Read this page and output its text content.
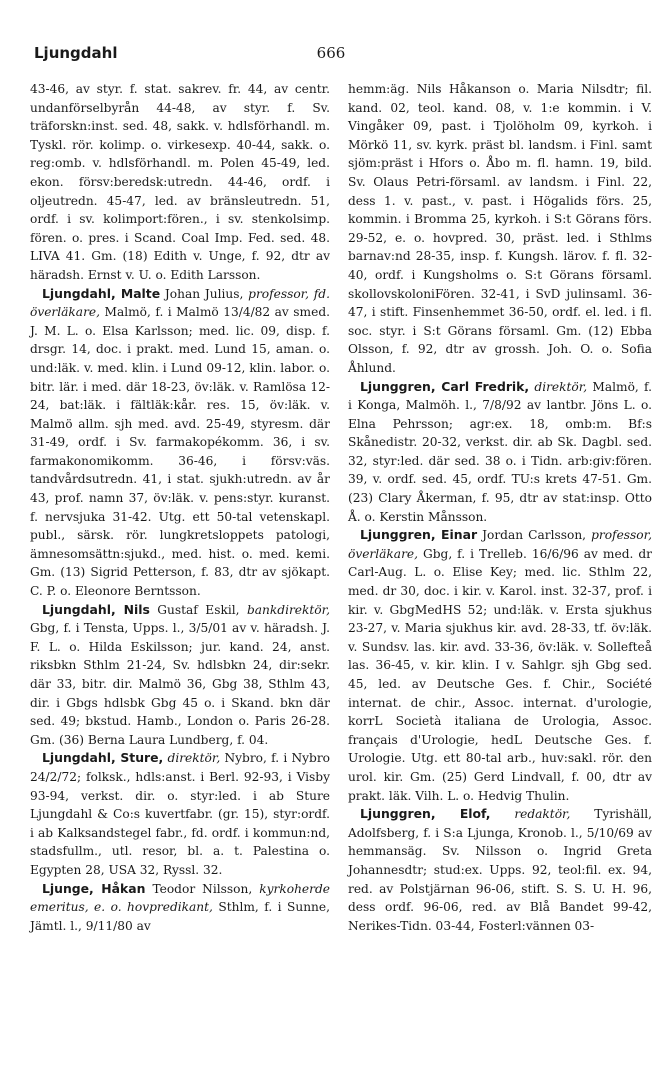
Ljungdahl	666

43-46, av styr. f. stat. sakrev. fr. 44, av centr. undanförselbyrån 44-48, av styr. f. Sv. träforskn:inst. sed. 48, sakk. v. hdlsförhandl. m. Tyskl. rör. kolimp. o. virkesexp. 40-44, sakk. o. reg:omb. v. hdlsförhandl. m. Polen 45-49, led. ekon. försv:beredsk:utredn. 44-46, ordf. i oljeutredn. 45-47, led. av bränsleutredn. 51, ordf. i sv. kolimport:fören., i sv. stenkolsimp. fören. o. pres. i Scand. Coal Imp. Fed. sed. 48. LIVA 41. Gm. (18) Edith v. Unge, f. 92, dtr av häradsh. Ernst v. U. o. Edith Larsson.

Ljungdahl, Malte Johan Julius, professor, fd. överläkare, Malmö, f. i Malmö 13/4/82 av smed. J. M. L. o. Elsa Karlsson; med. lic. 09, disp. f. drsgr. 14, doc. i prakt. med. Lund 15, aman. o. und:läk. v. med. klin. i Lund 09-12, klin. labor. o. bitr. lär. i med. där 18-23, öv:läk. v. Ramlösa 12-24, bat:läk. i fältläk:kår. res. 15, öv:läk. v. Malmö allm. sjh med. avd. 25-49, styresm. där 31-49, ordf. i Sv. farmakopékomm. 36, i sv. farmakonomikomm. 36-46, i försv:väs. tandvårdsutredn. 41, i stat. sjukh:utredn. av år 43, prof. namn 37, öv:läk. v. pens:styr. kuranst. f. nervsjuka 31-42. Utg. ett 50-tal vetenskapl. publ., särsk. rör. lungkretsloppets patologi, ämnesomsättn:sjukd., med. hist. o. med. kemi. Gm. (13) Sigrid Petterson, f. 83, dtr av sjökapt. C. P. o. Eleonore Berntsson.

Ljungdahl, Nils Gustaf Eskil, bankdirektör, Gbg, f. i Tensta, Upps. l., 3/5/01 av v. häradsh. J. F. L. o. Hilda Eskilsson; jur. kand. 24, anst. riksbkn Sthlm 21-24, Sv. hdlsbkn 24, dir:sekr. där 33, bitr. dir. Malmö 36, Gbg 38, Sthlm 43, dir. i Gbgs hdlsbk Gbg 45 o. i Skand. bkn där sed. 49; bkstud. Hamb., London o. Paris 26-28. Gm. (36) Berna Laura Lundberg, f. 04.

Ljungdahl, Sture, direktör, Nybro, f. i Nybro 24/2/72; folksk., hdls:anst. i Berl. 92-93, i Visby 93-94, verkst. dir. o. styr:led. i ab Sture Ljungdahl & Co:s kuvertfabr. (gr. 15), styr:ordf. i ab Kalksandstegel fabr., fd. ordf. i kommun:nd, stadsfullm., utl. resor, bl. a. t. Palestina o. Egypten 28, USA 32, Ryssl. 32.

Ljunge, Håkan Teodor Nilsson, kyrkoherde emeritus, e. o. hovpredikant, Sthlm, f. i Sunne, Jämtl. l., 9/11/80 av

hemm:äg. Nils Håkanson o. Maria Nilsdtr; fil. kand. 02, teol. kand. 08, v. 1:e kommin. i V. Vingåker 09, past. i Tjolöholm 09, kyrkoh. i Mörkö 11, sv. kyrk. präst bl. landsm. i Finl. samt sjöm:präst i Hfors o. Åbo m. fl. hamn. 19, bild. Sv. Olaus Petri-församl. av landsm. i Finl. 22, dess 1. v. past., v. past. i Högalids förs. 25, kommin. i Bromma 25, kyrkoh. i S:t Görans förs. 29-52, e. o. hovpred. 30, präst. led. i Sthlms barnav:nd 28-35, insp. f. Kungsh. lärov. f. fl. 32-40, ordf. i Kungsholms o. S:t Görans församl. skollovskoloniFören. 32-41, i SvD julinsaml. 36-47, i stift. Finsenhemmet 36-50, ordf. el. led. i fl. soc. styr. i S:t Görans församl. Gm. (12) Ebba Olsson, f. 92, dtr av grossh. Joh. O. o. Sofia Åhlund.

Ljunggren, Carl Fredrik, direktör, Malmö, f. i Konga, Malmöh. l., 7/8/92 av lantbr. Jöns L. o. Elna Pehrsson; agr:ex. 18, omb:m. Bf:s Skånedistr. 20-32, verkst. dir. ab Sk. Dagbl. sed. 32, styr:led. där sed. 38 o. i Tidn. arb:giv:fören. 39, v. ordf. sed. 45, ordf. TU:s krets 47-51. Gm. (23) Clary Åkerman, f. 95, dtr av stat:insp. Otto Å. o. Kerstin Månsson.

Ljunggren, Einar Jordan Carlsson, professor, överläkare, Gbg, f. i Trelleb. 16/6/96 av med. dr Carl-Aug. L. o. Elise Key; med. lic. Sthlm 22, med. dr 30, doc. i kir. v. Karol. inst. 32-37, prof. i kir. v. GbgMedHS 52; und:läk. v. Ersta sjukhus 23-27, v. Maria sjukhus kir. avd. 28-33, tf. öv:läk. v. Sundsv. las. kir. avd. 33-36, öv:läk. v. Sollefteå las. 36-45, v. kir. klin. I v. Sahlgr. sjh Gbg sed. 45, led. av Deutsche Ges. f. Chir., Société internat. de chir., Assoc. internat. d'urologie, korrL Società italiana de Urologia, Assoc. français d'Urologie, hedL Deutsche Ges. f. Urologie. Utg. ett 80-tal arb., huv:sakl. rör. den urol. kir. Gm. (25) Gerd Lindvall, f. 00, dtr av prakt. läk. Vilh. L. o. Hedvig Thulin.

Ljunggren, Elof, redaktör, Tyrishäll, Adolfsberg, f. i S:a Ljunga, Kronob. l., 5/10/69 av hemmansäg. Sv. Nilsson o. Ingrid Greta Johannesdtr; stud:ex. Upps. 92, teol:fil. ex. 94, red. av Polstjärnan 96-06, stift. S. S. U. H. 96, dess ordf. 96-06, red. av Blå Bandet 99-42, Nerikes-Tidn. 03-44, Fosterl:vännen 03-
